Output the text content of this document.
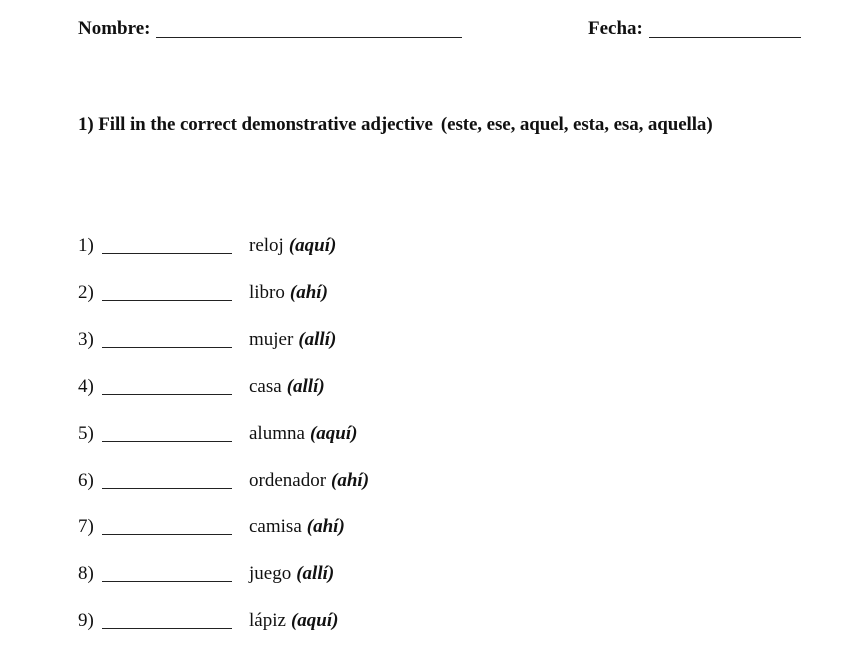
Nombre:	Fecha:
1) Fill in the correct demonstrative adjective (este, ese, aquel, esta, esa, aquella)
1)	reloj (aquí)
2)	libro (ahí)
3)	mujer (allí)
4)	casa (allí)
5)	alumna (aquí)
6)	ordenador (ahí)
7)	camisa (ahí)
8)	juego (allí)
9)	lápiz (aquí)
